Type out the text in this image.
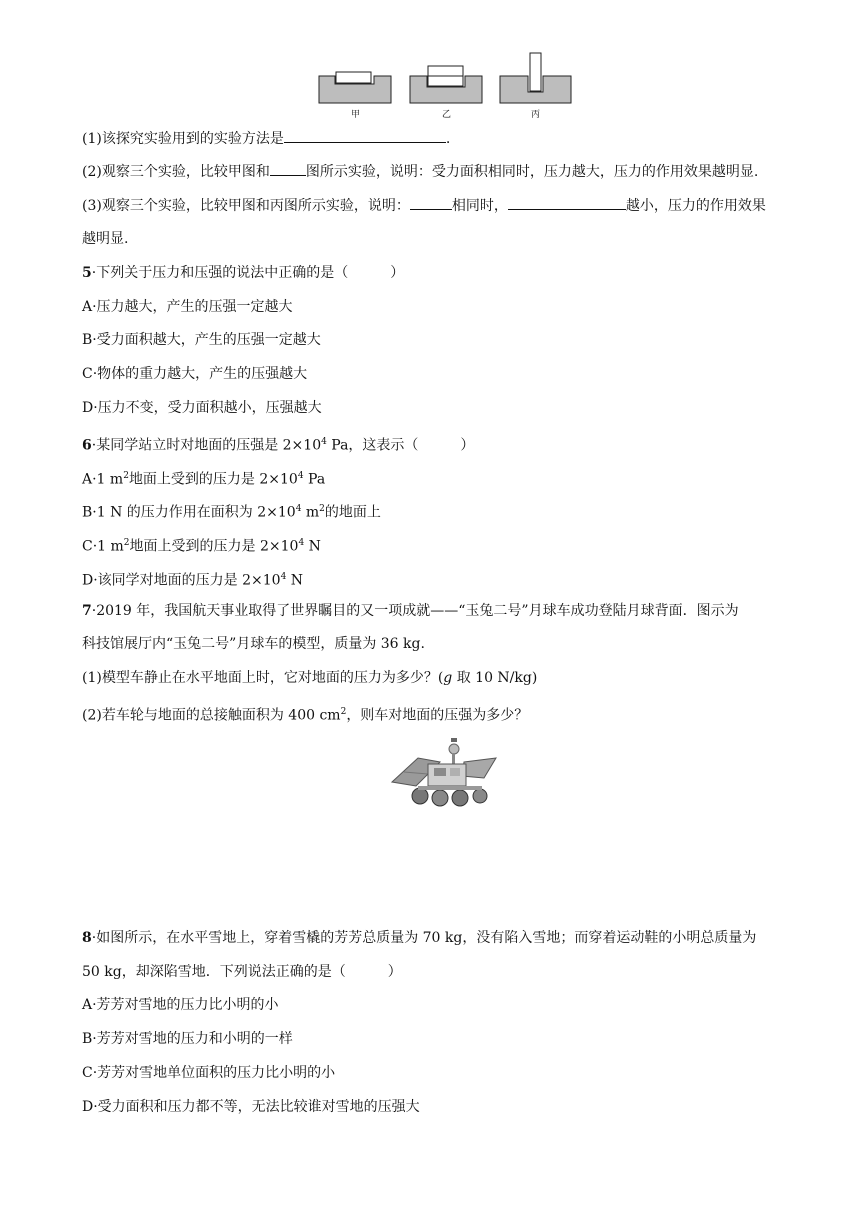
甲	乙	丙
(1)该探究实验用到的实验方法是	.
(2)观察三个实验，比较甲图和	图所示实验，说明：受力面积相同时，压力越大，压力的作用效果越明显.
(3)观察三个实验，比较甲图和丙图所示实验，说明：	相同时，	越小，压力的作用效果
越明显.
5·下列关于压力和压强的说法中正确的是（　　　）
A·压力越大，产生的压强一定越大
B·受力面积越大，产生的压强一定越大
C·物体的重力越大，产生的压强越大
D·压力不变，受力面积越小，压强越大
6·某同学站立时对地面的压强是 $2\times 10^4$ Pa，这表示（　　　）
A·1 $m^2$地面上受到的压力是 $2\times 10^4$ Pa
B·1 N 的压力作用在面积为 $2\times 10^4$ $m^2$的地面上
C·1 $m^2$地面上受到的压力是 $2\times 10^4$ N
D·该同学对地面的压力是 $2\times 10^4$ N
7·2019 年，我国航天事业取得了世界瞩目的又一项成就——“玉兔二号”月球车成功登陆月球背面．图示为
科技馆展厅内“玉兔二号”月球车的模型，质量为 36 kg.
(1)模型车静止在水平地面上时，它对地面的压力为多少？(g 取 10 N/kg)
(2)若车轮与地面的总接触面积为 400 $cm^2$，则车对地面的压强为多少？
8·如图所示，在水平雪地上，穿着雪橇的芳芳总质量为 70 kg，没有陷入雪地；而穿着运动鞋的小明总质量为
50 kg，却深陷雪地．下列说法正确的是（　　　）
A·芳芳对雪地的压力比小明的小
B·芳芳对雪地的压力和小明的一样
C·芳芳对雪地单位面积的压力比小明的小
D·受力面积和压力都不等，无法比较谁对雪地的压强大
